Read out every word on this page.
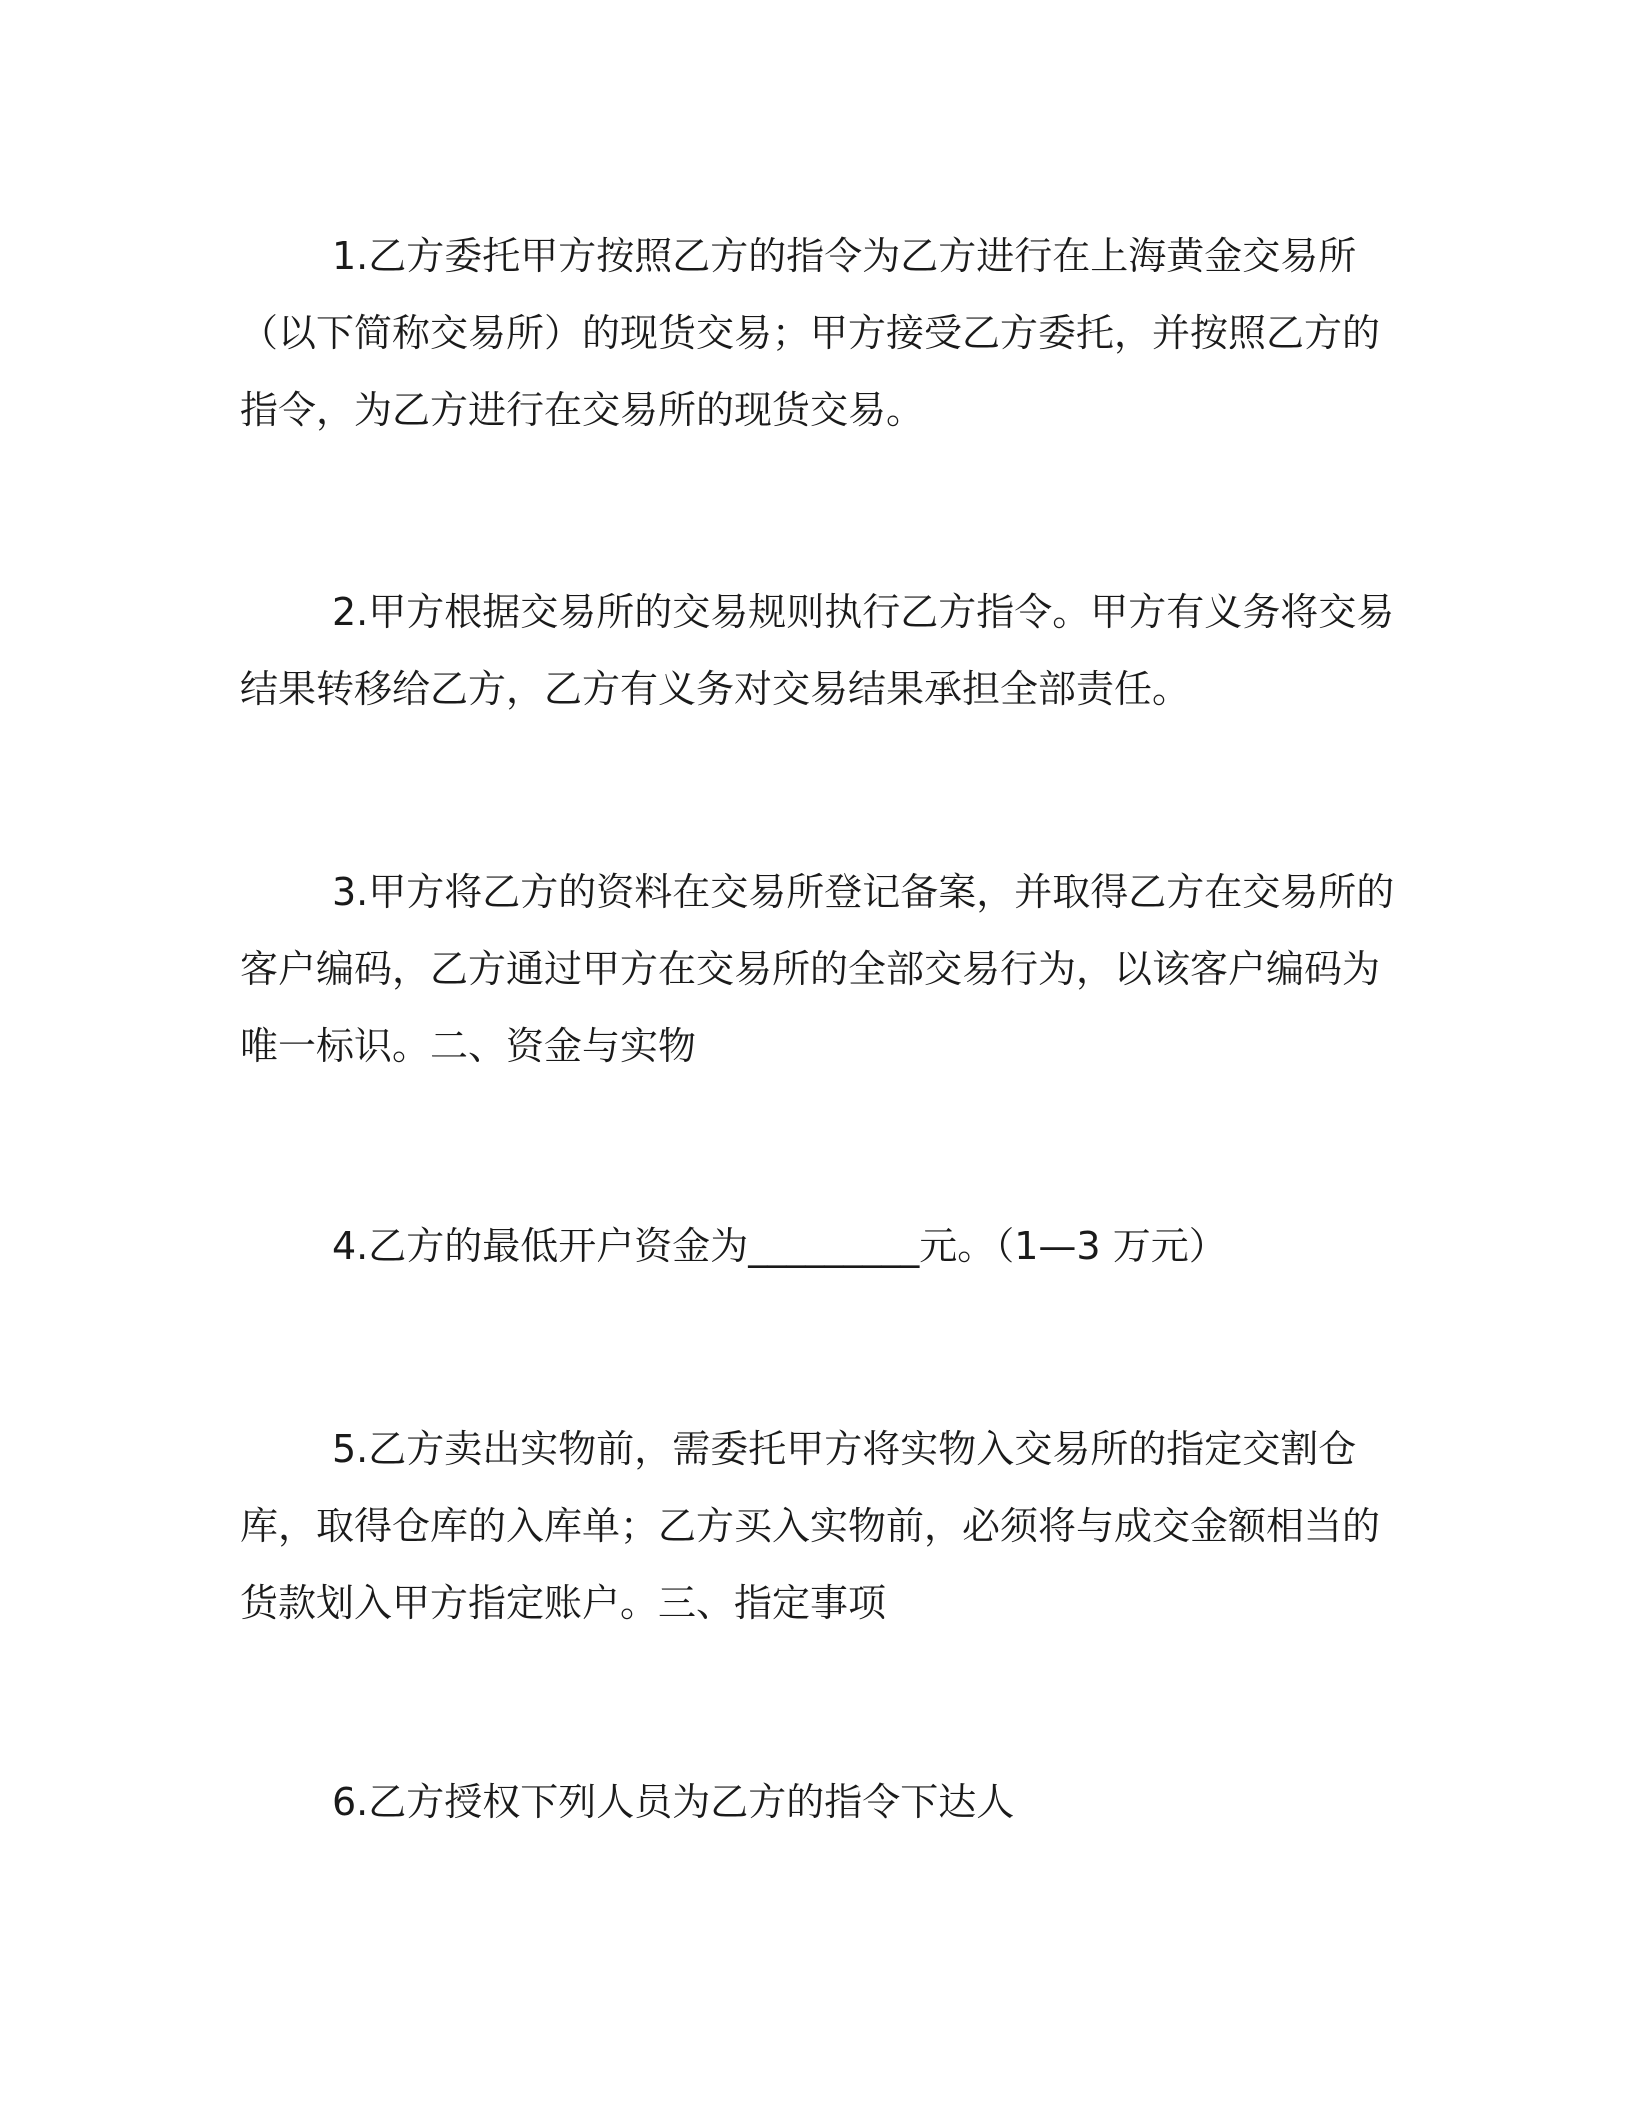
1.乙方委托甲方按照乙方的指令为乙方进行在上海黄金交易所（以下简称交易所）的现货交易；甲方接受乙方委托，并按照乙方的指令，为乙方进行在交易所的现货交易。

2.甲方根据交易所的交易规则执行乙方指令。甲方有义务将交易结果转移给乙方，乙方有义务对交易结果承担全部责任。

3.甲方将乙方的资料在交易所登记备案，并取得乙方在交易所的客户编码，乙方通过甲方在交易所的全部交易行为，以该客户编码为唯一标识。二、资金与实物

4.乙方的最低开户资金为_________元。（1—3 万元）

5.乙方卖出实物前，需委托甲方将实物入交易所的指定交割仓库，取得仓库的入库单；乙方买入实物前，必须将与成交金额相当的货款划入甲方指定账户。三、指定事项

6.乙方授权下列人员为乙方的指令下达人
